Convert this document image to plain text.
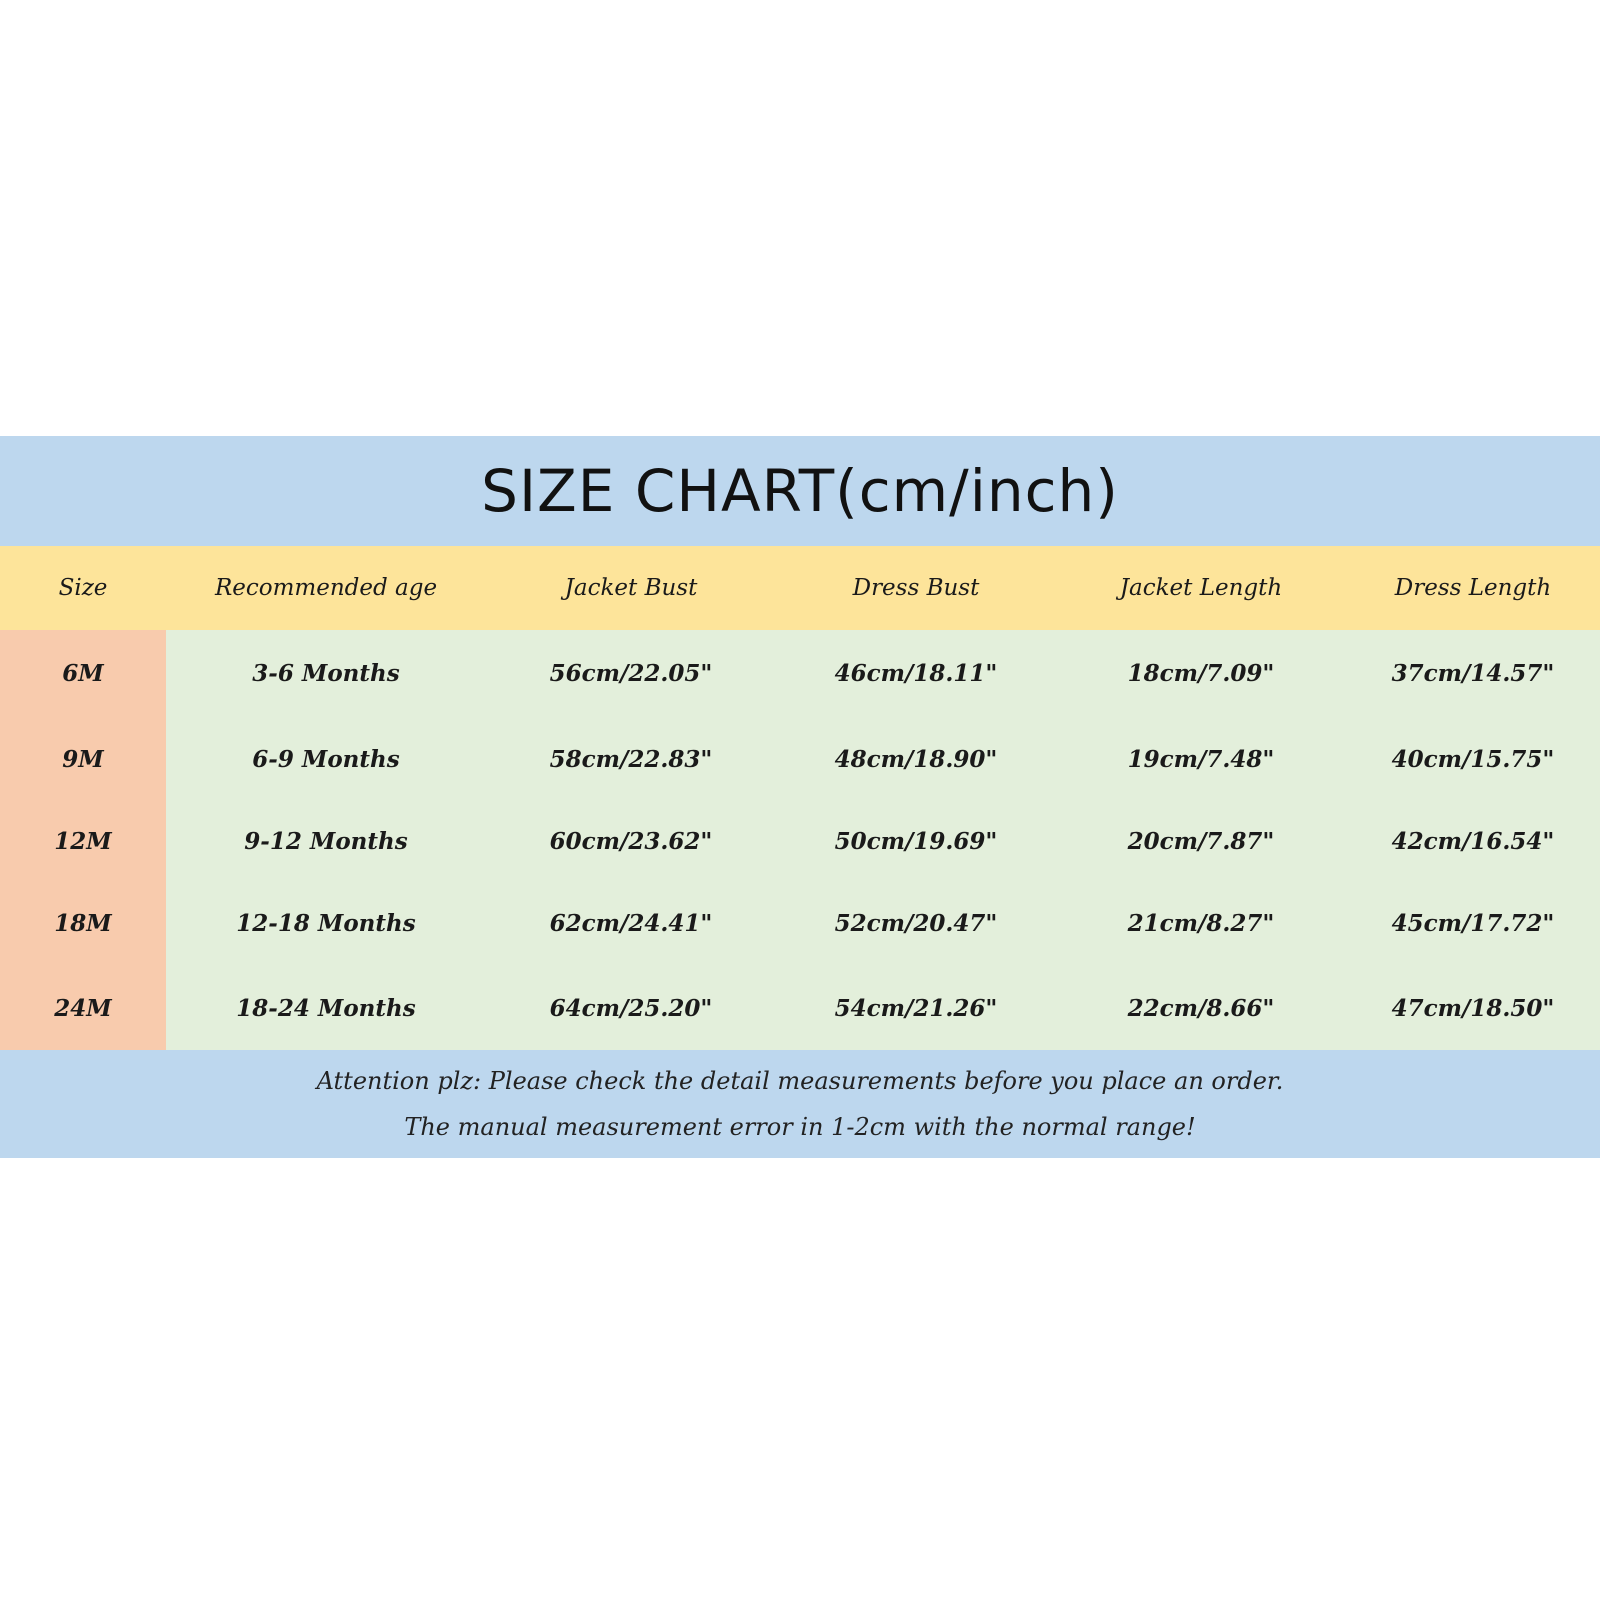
SIZE CHART(cm/inch)
Size	Recommended age	Jacket Bust	Dress Bust	Jacket Length	Dress Length
6M	3-6 Months	56cm/22.05"	46cm/18.11"	18cm/7.09"	37cm/14.57"
9M	6-9 Months	58cm/22.83"	48cm/18.90"	19cm/7.48"	40cm/15.75"
12M	9-12 Months	60cm/23.62"	50cm/19.69"	20cm/7.87"	42cm/16.54"
18M	12-18 Months	62cm/24.41"	52cm/20.47"	21cm/8.27"	45cm/17.72"
24M	18-24 Months	64cm/25.20"	54cm/21.26"	22cm/8.66"	47cm/18.50"

Attention plz: Please check the detail measurements before you place an order.

The manual measurement error in 1-2cm with the normal range!
